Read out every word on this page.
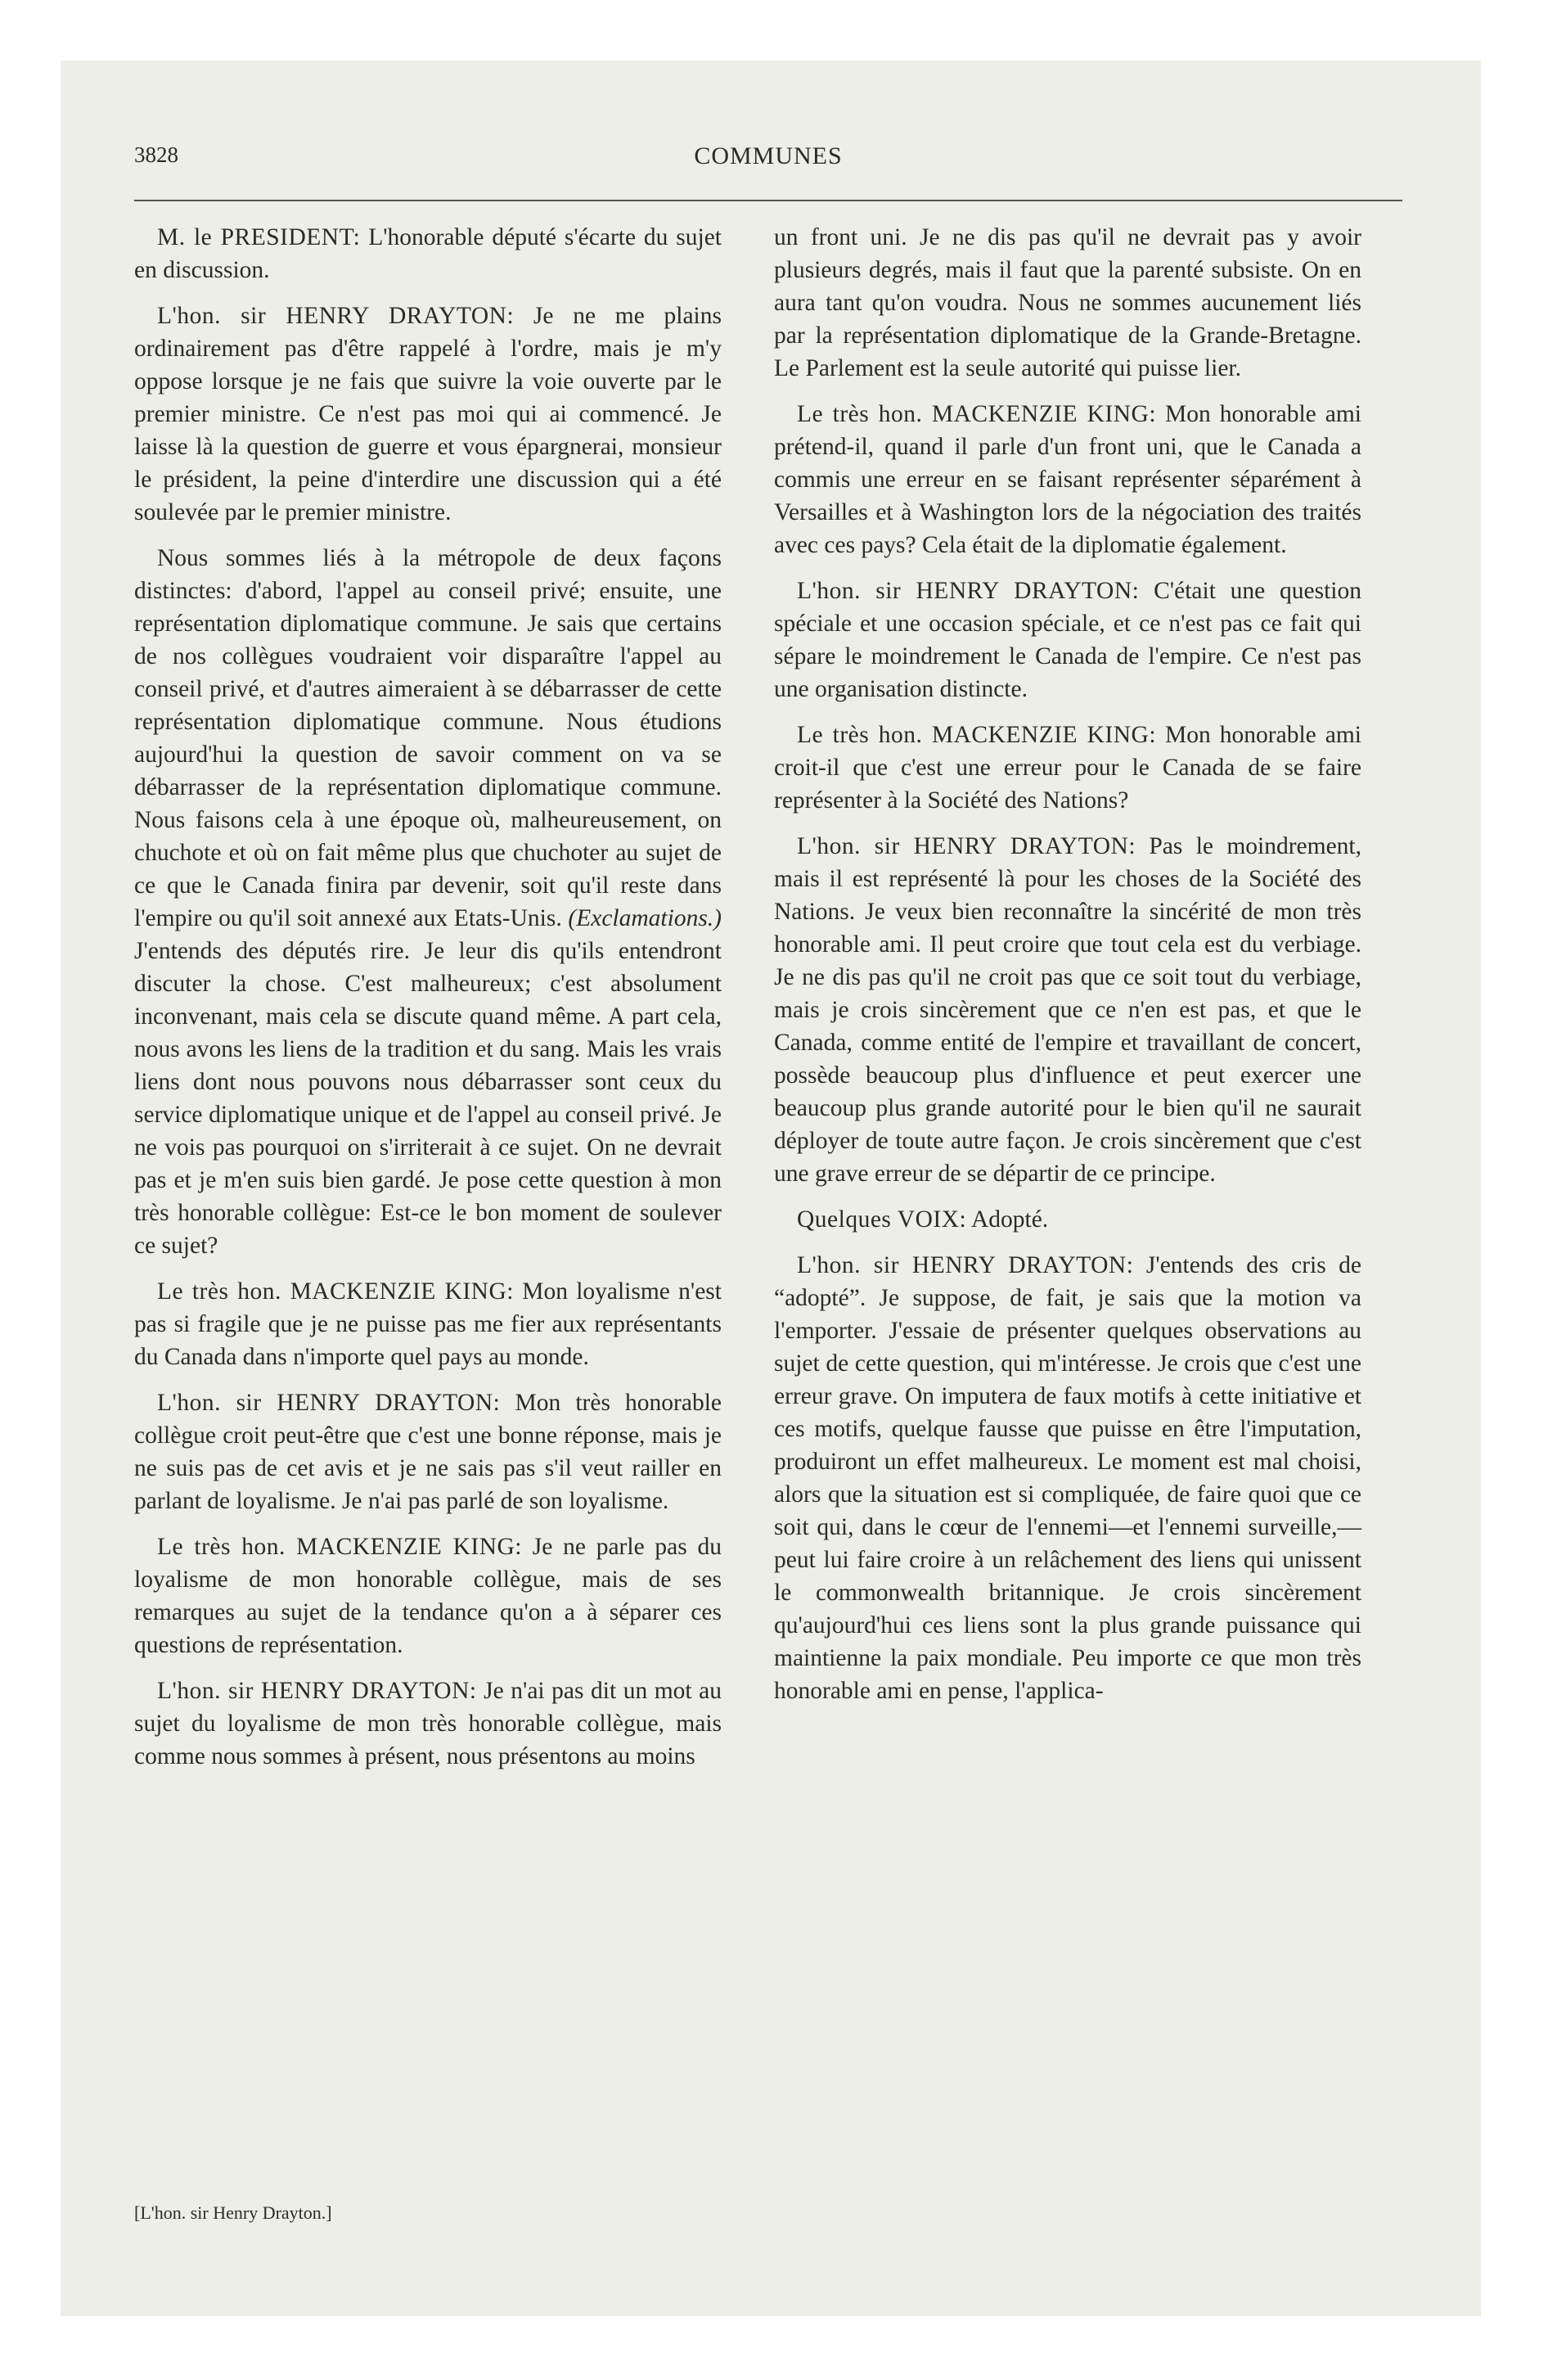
3828	COMMUNES

M. le PRESIDENT: L'honorable député s'écarte du sujet en discussion.

L'hon. sir HENRY DRAYTON: Je ne me plains ordinairement pas d'être rappelé à l'ordre, mais je m'y oppose lorsque je ne fais que suivre la voie ouverte par le premier ministre. Ce n'est pas moi qui ai commencé. Je laisse là la question de guerre et vous épargnerai, monsieur le président, la peine d'interdire une discussion qui a été soulevée par le premier ministre.

Nous sommes liés à la métropole de deux façons distinctes: d'abord, l'appel au conseil privé; ensuite, une représentation diplomatique commune. Je sais que certains de nos collègues voudraient voir disparaître l'appel au conseil privé, et d'autres aimeraient à se débarrasser de cette représentation diplomatique commune. Nous étudions aujourd'hui la question de savoir comment on va se débarrasser de la représentation diplomatique commune. Nous faisons cela à une époque où, malheureusement, on chuchote et où on fait même plus que chuchoter au sujet de ce que le Canada finira par devenir, soit qu'il reste dans l'empire ou qu'il soit annexé aux Etats-Unis. (Exclamations.) J'entends des députés rire. Je leur dis qu'ils entendront discuter la chose. C'est malheureux; c'est absolument inconvenant, mais cela se discute quand même. A part cela, nous avons les liens de la tradition et du sang. Mais les vrais liens dont nous pouvons nous débarrasser sont ceux du service diplomatique unique et de l'appel au conseil privé. Je ne vois pas pourquoi on s'irriterait à ce sujet. On ne devrait pas et je m'en suis bien gardé. Je pose cette question à mon très honorable collègue: Est-ce le bon moment de soulever ce sujet?

Le très hon. MACKENZIE KING: Mon loyalisme n'est pas si fragile que je ne puisse pas me fier aux représentants du Canada dans n'importe quel pays au monde.

L'hon. sir HENRY DRAYTON: Mon très honorable collègue croit peut-être que c'est une bonne réponse, mais je ne suis pas de cet avis et je ne sais pas s'il veut railler en parlant de loyalisme. Je n'ai pas parlé de son loyalisme.

Le très hon. MACKENZIE KING: Je ne parle pas du loyalisme de mon honorable collègue, mais de ses remarques au sujet de la tendance qu'on a à séparer ces questions de représentation.

L'hon. sir HENRY DRAYTON: Je n'ai pas dit un mot au sujet du loyalisme de mon très honorable collègue, mais comme nous sommes à présent, nous présentons au moins

un front uni. Je ne dis pas qu'il ne devrait pas y avoir plusieurs degrés, mais il faut que la parenté subsiste. On en aura tant qu'on voudra. Nous ne sommes aucunement liés par la représentation diplomatique de la Grande-Bretagne. Le Parlement est la seule autorité qui puisse lier.

Le très hon. MACKENZIE KING: Mon honorable ami prétend-il, quand il parle d'un front uni, que le Canada a commis une erreur en se faisant représenter séparément à Versailles et à Washington lors de la négociation des traités avec ces pays? Cela était de la diplomatie également.

L'hon. sir HENRY DRAYTON: C'était une question spéciale et une occasion spéciale, et ce n'est pas ce fait qui sépare le moindrement le Canada de l'empire. Ce n'est pas une organisation distincte.

Le très hon. MACKENZIE KING: Mon honorable ami croit-il que c'est une erreur pour le Canada de se faire représenter à la Société des Nations?

L'hon. sir HENRY DRAYTON: Pas le moindrement, mais il est représenté là pour les choses de la Société des Nations. Je veux bien reconnaître la sincérité de mon très honorable ami. Il peut croire que tout cela est du verbiage. Je ne dis pas qu'il ne croit pas que ce soit tout du verbiage, mais je crois sincèrement que ce n'en est pas, et que le Canada, comme entité de l'empire et travaillant de concert, possède beaucoup plus d'influence et peut exercer une beaucoup plus grande autorité pour le bien qu'il ne saurait déployer de toute autre façon. Je crois sincèrement que c'est une grave erreur de se départir de ce principe.

Quelques VOIX: Adopté.

L'hon. sir HENRY DRAYTON: J'entends des cris de “adopté”. Je suppose, de fait, je sais que la motion va l'emporter. J'essaie de présenter quelques observations au sujet de cette question, qui m'intéresse. Je crois que c'est une erreur grave. On imputera de faux motifs à cette initiative et ces motifs, quelque fausse que puisse en être l'imputation, produiront un effet malheureux. Le moment est mal choisi, alors que la situation est si compliquée, de faire quoi que ce soit qui, dans le cœur de l'ennemi—et l'ennemi surveille,—peut lui faire croire à un relâchement des liens qui unissent le commonwealth britannique. Je crois sincèrement qu'aujourd'hui ces liens sont la plus grande puissance qui maintienne la paix mondiale. Peu importe ce que mon très honorable ami en pense, l'applica-

[L'hon. sir Henry Drayton.]
